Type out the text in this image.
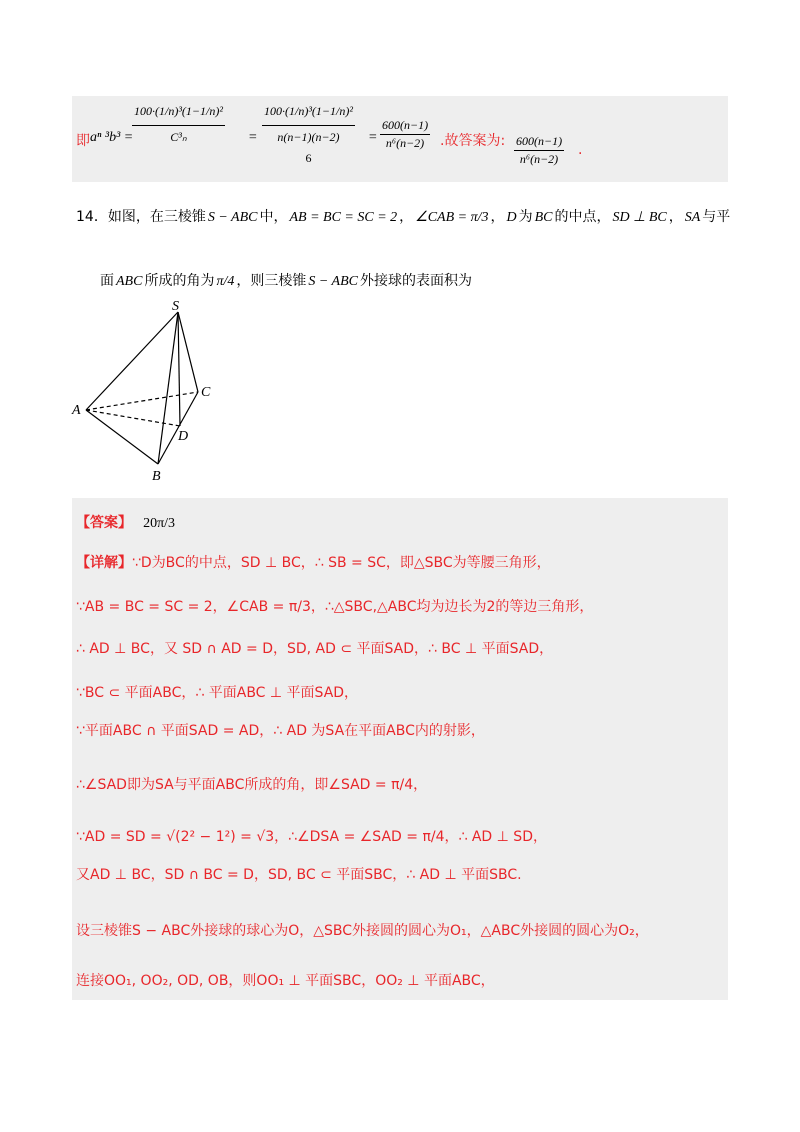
即 aⁿ ³b³ =
$\frac{\text{100·(1/n)³(1−1/n)²}}{\text{C³ₙ}}$ =
100·(1/n)³(1−1/n)²
n(n−1)(n−2)
6
= $\frac{600(n-1)}{\text{n⁶(n−2)}}$ .故答案为: $\frac{600(n-1)}{\text{n⁶(n−2)}}$ .
14．如图，在三棱锥 S − ABC 中， AB = BC = SC = 2 ， ∠CAB = π/3 ， D 为 BC 的中点， SD ⊥ BC ， SA 与平
面 ABC 所成的角为 π/4 ，则三棱锥 S − ABC 外接球的表面积为
S
A
B
C
D
【答案】 20π/3
【详解】∵D为BC的中点，SD ⊥ BC，∴ SB = SC，即△SBC为等腰三角形，
∵AB = BC = SC = 2，∠CAB = π/3，∴△SBC,△ABC均为边长为2的等边三角形，
∴ AD ⊥ BC，又 SD ∩ AD = D，SD, AD ⊂ 平面SAD，∴ BC ⊥ 平面SAD，
∵BC ⊂ 平面ABC，∴ 平面ABC ⊥ 平面SAD，
∵平面ABC ∩ 平面SAD = AD，∴ AD 为SA在平面ABC内的射影，
∴∠SAD即为SA与平面ABC所成的角，即∠SAD = π/4，
∵AD = SD = √(2² − 1²) = √3，∴∠DSA = ∠SAD = π/4，∴ AD ⊥ SD，
又AD ⊥ BC，SD ∩ BC = D，SD, BC ⊂ 平面SBC，∴ AD ⊥ 平面SBC.
设三棱锥S − ABC外接球的球心为O，△SBC外接圆的圆心为O₁，△ABC外接圆的圆心为O₂，
连接OO₁, OO₂, OD, OB，则OO₁ ⊥ 平面SBC，OO₂ ⊥ 平面ABC，
